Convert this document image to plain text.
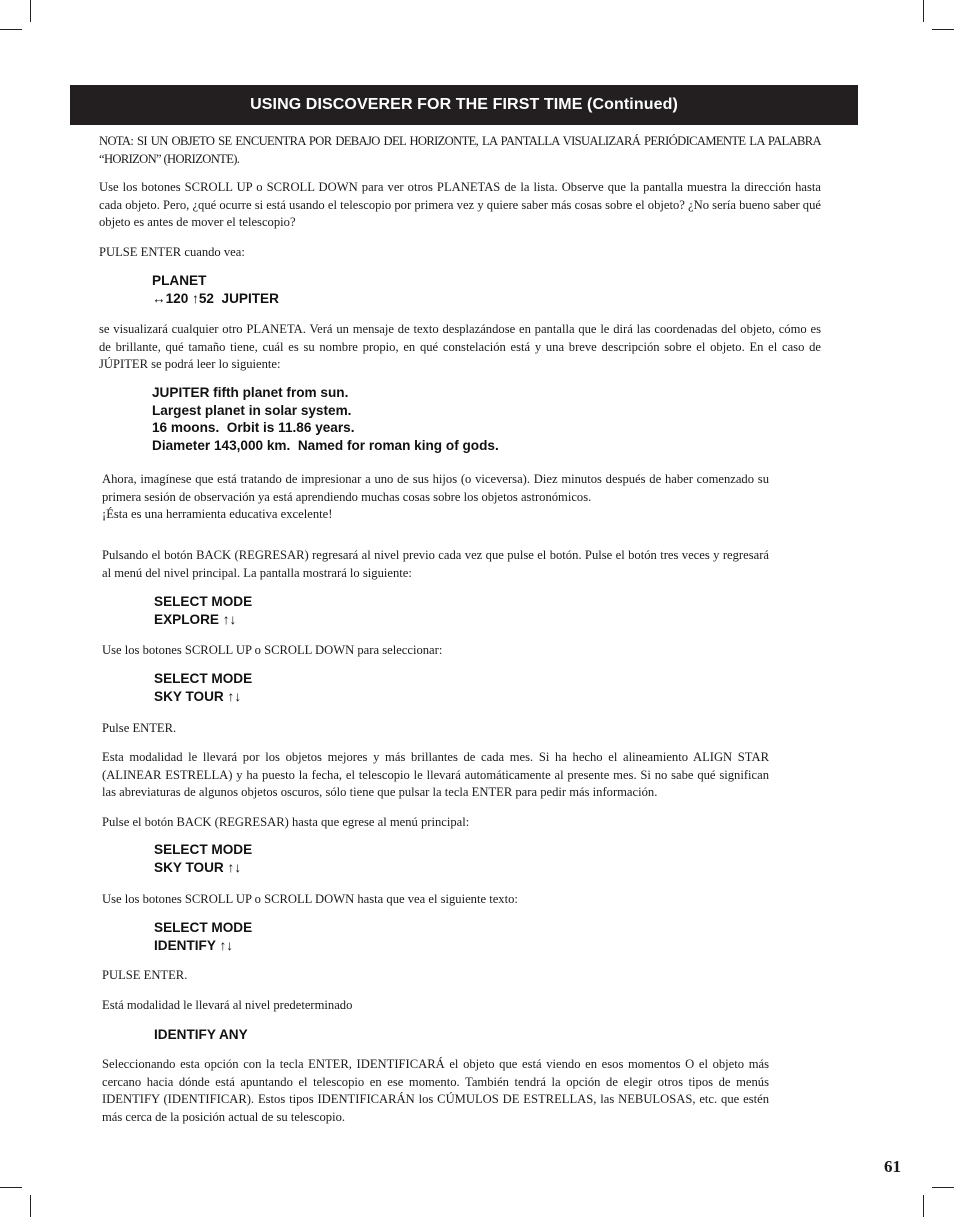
USING DISCOVERER FOR THE FIRST TIME (Continued)

NOTA: SI UN OBJETO SE ENCUENTRA POR DEBAJO DEL HORIZONTE, LA PANTALLA VISUALIZARÁ PERIÓDICAMENTE LA PALABRA “HORIZON” (HORIZONTE).

Use los botones SCROLL UP o SCROLL DOWN para ver otros PLANETAS de la lista. Observe que la pantalla muestra la dirección hasta cada objeto. Pero, ¿qué ocurre si está usando el telescopio por primera vez y quiere saber más cosas sobre el objeto? ¿No sería bueno saber qué objeto es antes de mover el telescopio?

PULSE ENTER cuando vea:

PLANET
↔120 ↑52  JUPITER

se visualizará cualquier otro PLANETA. Verá un mensaje de texto desplazándose en pantalla que le dirá las coordenadas del objeto, cómo es de brillante, qué tamaño tiene, cuál es su nombre propio, en qué constelación está y una breve descripción sobre el objeto. En el caso de JÚPITER se podrá leer lo siguiente:

JUPITER fifth planet from sun.
Largest planet in solar system.
16 moons.  Orbit is 11.86 years.
Diameter 143,000 km.  Named for roman king of gods.

Ahora, imagínese que está tratando de impresionar a uno de sus hijos (o viceversa). Diez minutos después de haber comenzado su primera sesión de observación ya está aprendiendo muchas cosas sobre los objetos astronómicos.

¡Ésta es una herramienta educativa excelente!

Pulsando el botón BACK (REGRESAR) regresará al nivel previo cada vez que pulse el botón. Pulse el botón tres veces y regresará al menú del nivel principal. La pantalla mostrará lo siguiente:

SELECT MODE
EXPLORE ↑↓

Use los botones SCROLL UP o SCROLL DOWN para seleccionar:

SELECT MODE
SKY TOUR ↑↓

Pulse ENTER.

Esta modalidad le llevará por los objetos mejores y más brillantes de cada mes. Si ha hecho el alineamiento ALIGN STAR (ALINEAR ESTRELLA) y ha puesto la fecha, el telescopio le llevará automáticamente al presente mes. Si no sabe qué significan las abreviaturas de algunos objetos oscuros, sólo tiene que pulsar la tecla ENTER para pedir más información.

Pulse el botón BACK (REGRESAR) hasta que egrese al menú principal:

SELECT MODE
SKY TOUR ↑↓

Use los botones SCROLL UP o SCROLL DOWN hasta que vea el siguiente texto:

SELECT MODE
IDENTIFY ↑↓

PULSE ENTER.

Está modalidad le llevará al nivel predeterminado

IDENTIFY ANY

Seleccionando esta opción con la tecla ENTER, IDENTIFICARÁ el objeto que está viendo en esos momentos O el objeto más cercano hacia dónde está apuntando el telescopio en ese momento. También tendrá la opción de elegir otros tipos de menús IDENTIFY (IDENTIFICAR). Estos tipos IDENTIFICARÁN los CÚMULOS DE ESTRELLAS, las NEBULOSAS, etc. que estén más cerca de la posición actual de su telescopio.

61
